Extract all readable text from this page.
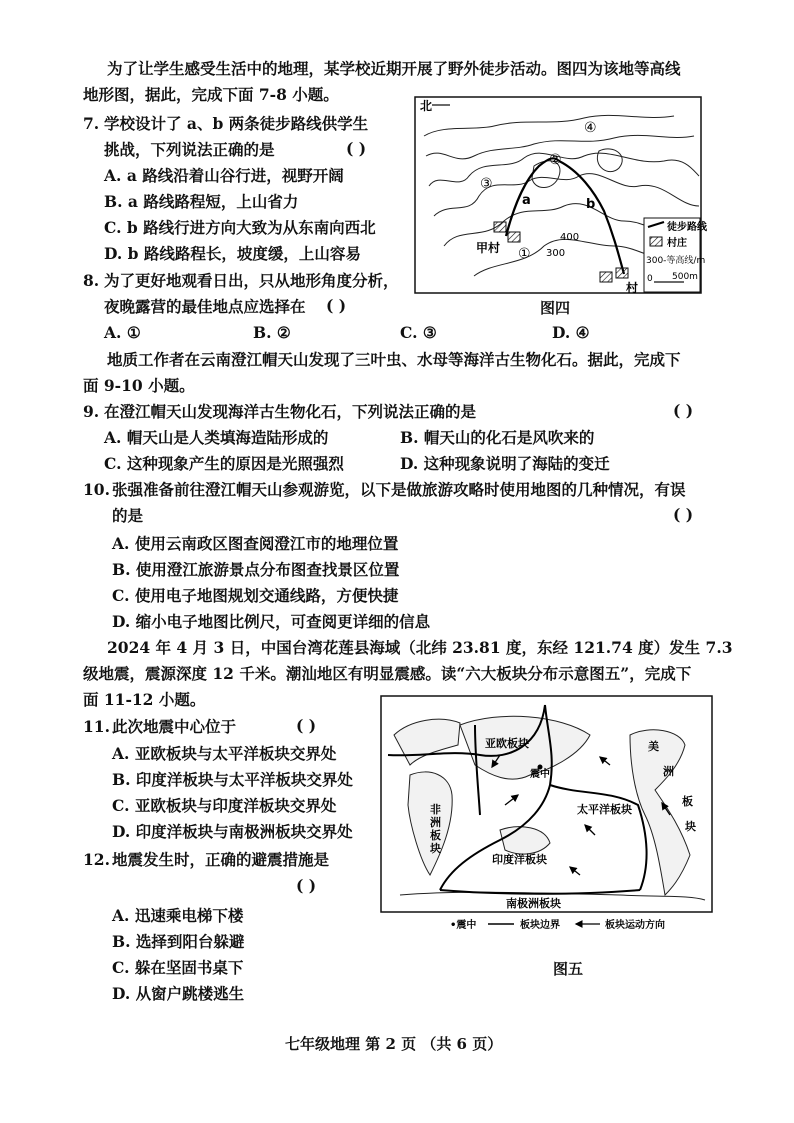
为了让学生感受生活中的地理，某学校近期开展了野外徒步活动。图四为该地等高线
地形图，据此，完成下面 7-8 小题。
7. 学校设计了 a、b 两条徒步路线供学生
挑战，下列说法正确的是	( )
A. a 路线沿着山谷行进，视野开阔
B. a 路线路程短，上山省力
C. b 路线行进方向大致为从东南向西北
D. b 路线路程长，坡度缓，上山容易
8. 为了更好地观看日出，只从地形角度分析，
夜晚露营的最佳地点应选择在 ( )
A. ①	B. ②	C. ③	D. ④
北
甲村
村
a	b
400
300
①
②
③
④
徒步路线
村庄
300-等高线/m
0 500m
图四
地质工作者在云南澄江帽天山发现了三叶虫、水母等海洋古生物化石。据此，完成下
面 9-10 小题。
9. 在澄江帽天山发现海洋古生物化石，下列说法正确的是	( )
A. 帽天山是人类填海造陆形成的	B. 帽天山的化石是风吹来的
C. 这种现象产生的原因是光照强烈	D. 这种现象说明了海陆的变迁
10. 张强准备前往澄江帽天山参观游览，以下是做旅游攻略时使用地图的几种情况，有误
的是	( )
A. 使用云南政区图查阅澄江市的地理位置
B. 使用澄江旅游景点分布图查找景区位置
C. 使用电子地图规划交通线路，方便快捷
D. 缩小电子地图比例尺，可查阅更详细的信息
2024 年 4 月 3 日，中国台湾花莲县海域（北纬 23.81 度，东经 121.74 度）发生 7.3
级地震，震源深度 12 千米。潮汕地区有明显震感。读“六大板块分布示意图五”，完成下
面 11-12 小题。
11. 此次地震中心位于	( )
A. 亚欧板块与太平洋板块交界处
B. 印度洋板块与太平洋板块交界处
C. 亚欧板块与印度洋板块交界处
D. 印度洋板块与南极洲板块交界处
12. 地震发生时，正确的避震措施是
( )
A. 迅速乘电梯下楼
B. 选择到阳台躲避
C. 躲在坚固书桌下
D. 从窗户跳楼逃生
震中
亚欧板块
非
洲
板
块
太平洋板块
印度洋板块
南极洲板块
美
洲
板
块
•震中	板块边界	板块运动方向
图五
七年级地理 第 2 页 （共 6 页）
